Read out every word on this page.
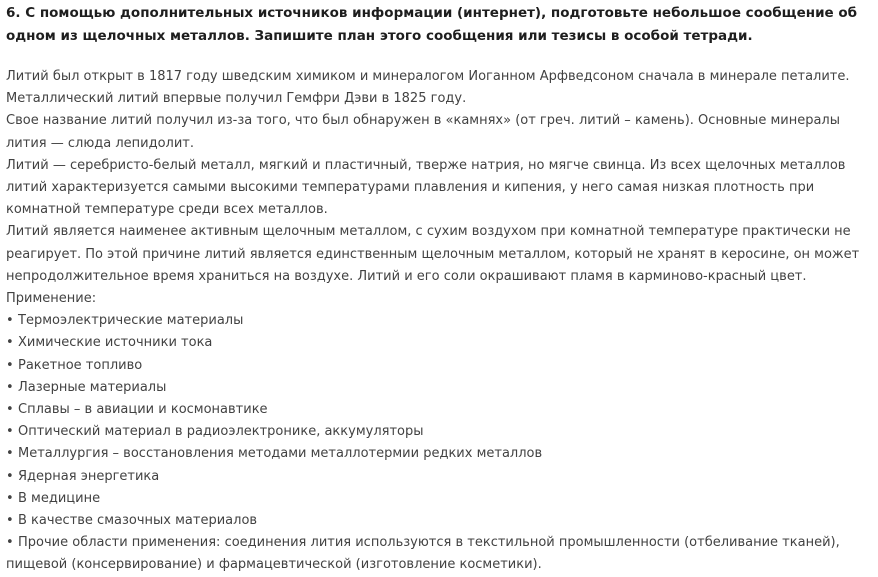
6. С помощью дополнительных источников информации (интернет), подготовьте небольшое сообщение об одном из щелочных металлов. Запишите план этого сообщения или тезисы в особой тетради.

Литий был открыт в 1817 году шведским химиком и минералогом Иоганном Арфведсоном сначала в минерале петалите. Металлический литий впервые получил Гемфри Дэви в 1825 году.

Свое название литий получил из-за того, что был обнаружен в «камнях» (от греч. литий – камень). Основные минералы лития — слюда лепидолит.

Литий — серебристо-белый металл, мягкий и пластичный, тверже натрия, но мягче свинца. Из всех щелочных металлов литий характеризуется самыми высокими температурами плавления и кипения, у него самая низкая плотность при комнатной температуре среди всех металлов.

Литий является наименее активным щелочным металлом, с сухим воздухом при комнатной температуре практически не реагирует. По этой причине литий является единственным щелочным металлом, который не хранят в керосине, он может непродолжительное время храниться на воздухе. Литий и его соли окрашивают пламя в карминово-красный цвет.

Применение:

• Термоэлектрические материалы
• Химические источники тока
• Ракетное топливо
• Лазерные материалы
• Сплавы – в авиации и космонавтике
• Оптический материал в радиоэлектронике, аккумуляторы
• Металлургия – восстановления методами металлотермии редких металлов
• Ядерная энергетика
• В медицине
• В качестве смазочных материалов
• Прочие области применения: соединения лития используются в текстильной промышленности (отбеливание тканей), пищевой (консервирование) и фармацевтической (изготовление косметики).
